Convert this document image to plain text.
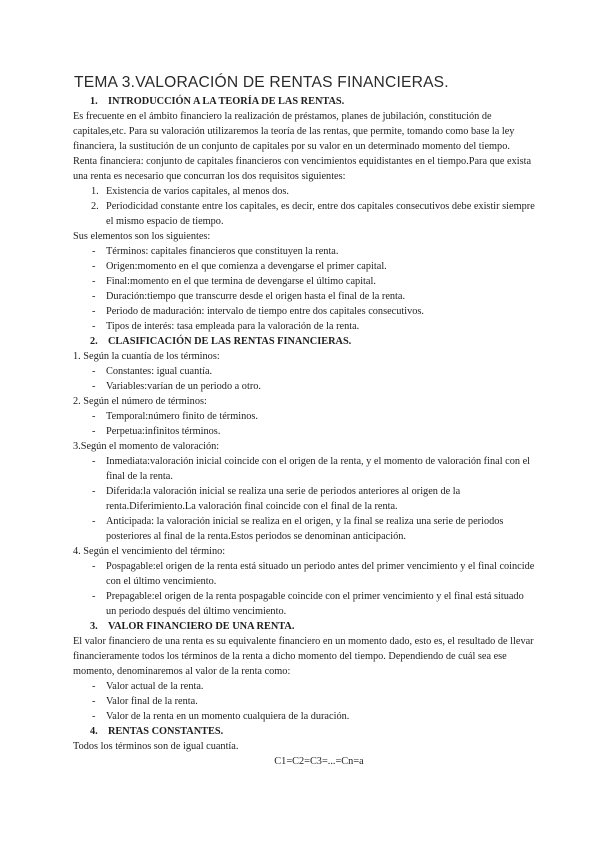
TEMA 3.VALORACIÓN DE RENTAS FINANCIERAS.
1. INTRODUCCIÓN A LA TEORÍA DE LAS RENTAS.

Es frecuente en el ámbito financiero la realización de préstamos, planes de jubilación, constitución de capitales,etc. Para su valoración utilizaremos la teoría de las rentas, que permite, tomando como base la ley financiera, la sustitución de un conjunto de capitales por su valor en un determinado momento del tiempo.

Renta financiera: conjunto de capitales financieros con vencimientos equidistantes en el tiempo.Para que exista una renta es necesario que concurran los dos requisitos siguientes:

1. Existencia de varios capitales, al menos dos.
2. Periodicidad constante entre los capitales, es decir, entre dos capitales consecutivos debe existir siempre el mismo espacio de tiempo.

Sus elementos son los siguientes:

- Términos: capitales financieros que constituyen la renta.
- Origen:momento en el que comienza a devengarse el primer capital.
- Final:momento en el que termina de devengarse el último capital.
- Duración:tiempo que transcurre desde el origen hasta el final de la renta.
- Periodo de maduración: intervalo de tiempo entre dos capitales consecutivos.
- Tipos de interés: tasa empleada para la valoración de la renta.
2. CLASIFICACIÓN DE LAS RENTAS FINANCIERAS.

1. Según la cuantía de los términos:

- Constantes: igual cuantía.
- Variables:varían de un periodo a otro.

2. Según el número de términos:

- Temporal:número finito de términos.
- Perpetua:infinitos términos.

3.Según el momento de valoración:

- Inmediata:valoración inicial coincide con el origen de la renta, y el momento de valoración final con el final de la renta.
- Diferida:la valoración inicial se realiza una serie de periodos anteriores al origen de la renta.Diferimiento.La valoración final coincide con el final de la renta.
- Anticipada: la valoración inicial se realiza en el origen, y la final se realiza una serie de periodos posteriores al final de la renta.Estos periodos se denominan anticipación.

4. Según el vencimiento del término:

- Pospagable:el origen de la renta está situado un periodo antes del primer vencimiento y el final coincide con el último vencimiento.
- Prepagable:el origen de la renta pospagable coincide con el primer vencimiento y el final está situado un periodo después del último vencimiento.
3. VALOR FINANCIERO DE UNA RENTA.

El valor financiero de una renta es su equivalente financiero en un momento dado, esto es, el resultado de llevar financieramente todos los términos de la renta a dicho momento del tiempo. Dependiendo de cuál sea ese momento, denominaremos al valor de la renta como:

- Valor actual de la renta.
- Valor final de la renta.
- Valor de la renta en un momento cualquiera de la duración.
4. RENTAS CONSTANTES.

Todos los términos son de igual cuantía.

C1=C2=C3=...=Cn=a
